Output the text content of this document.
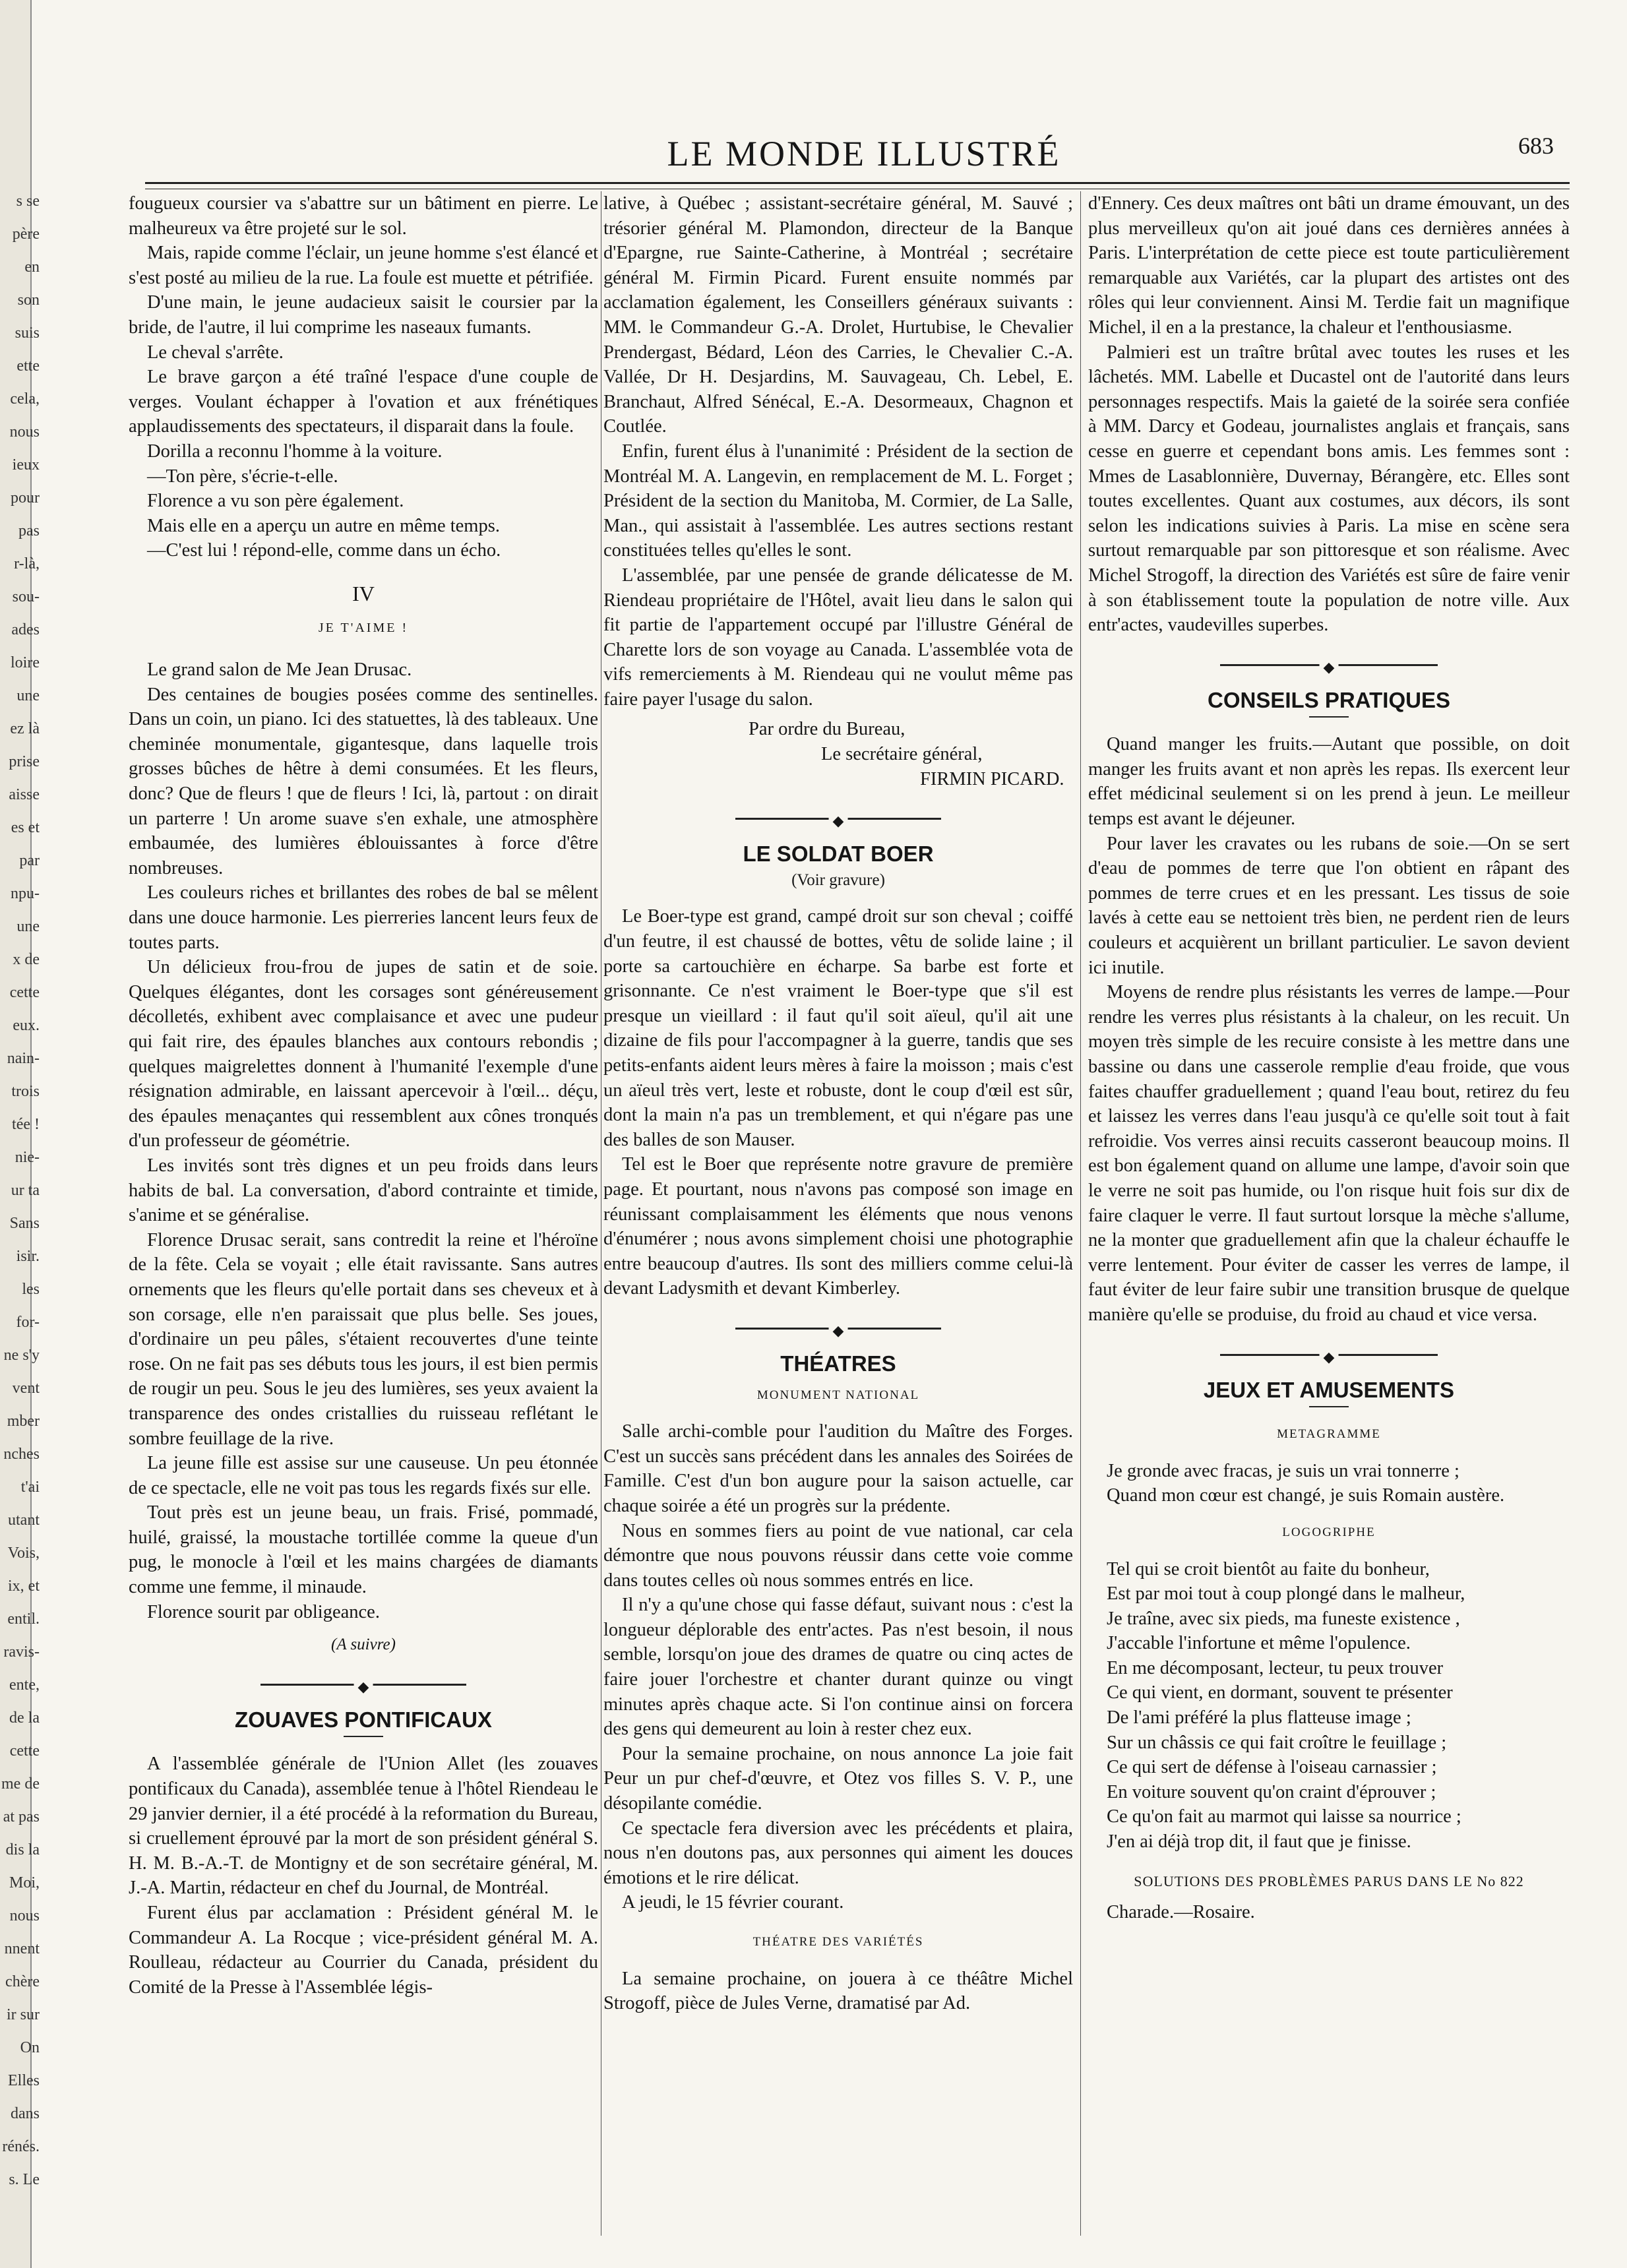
s se
père
en
son
suis
ette
cela,
nous
ieux
pour
pas
r-là,
sou-
ades
loire
une
ez là
prise
aisse
es et
par
npu-
une
x de
cette
eux.
nain-
trois
tée !
nie-
ur ta
Sans
isir.
les
for-
ne s'y
vent
mber
nches
t'ai
utant
Vois,
ix, et
entil.
ravis-
ente,
de la
cette
me de
at pas
dis la
Moi,
nous
nnent
chère
ir sur
On
Elles
dans
rénés.
s. Le
LE MONDE ILLUSTRÉ	683

fougueux coursier va s'abattre sur un bâtiment en pierre. Le malheureux va être projeté sur le sol.

Mais, rapide comme l'éclair, un jeune homme s'est élancé et s'est posté au milieu de la rue. La foule est muette et pétrifiée.

D'une main, le jeune audacieux saisit le coursier par la bride, de l'autre, il lui comprime les naseaux fumants.

Le cheval s'arrête.

Le brave garçon a été traîné l'espace d'une couple de verges. Voulant échapper à l'ovation et aux frénétiques applaudissements des spectateurs, il disparait dans la foule.

Dorilla a reconnu l'homme à la voiture.

—Ton père, s'écrie-t-elle.

Florence a vu son père également.

Mais elle en a aperçu un autre en même temps.

—C'est lui ! répond-elle, comme dans un écho.

IV
JE T'AIME !

Le grand salon de Me Jean Drusac.

Des centaines de bougies posées comme des sentinelles. Dans un coin, un piano. Ici des statuettes, là des tableaux. Une cheminée monumentale, gigantesque, dans laquelle trois grosses bûches de hêtre à demi consumées. Et les fleurs, donc? Que de fleurs ! que de fleurs ! Ici, là, partout : on dirait un parterre ! Un arome suave s'en exhale, une atmosphère embaumée, des lumières éblouissantes à force d'être nombreuses.

Les couleurs riches et brillantes des robes de bal se mêlent dans une douce harmonie. Les pierreries lancent leurs feux de toutes parts.

Un délicieux frou-frou de jupes de satin et de soie. Quelques élégantes, dont les corsages sont généreusement décolletés, exhibent avec complaisance et avec une pudeur qui fait rire, des épaules blanches aux contours rebondis ; quelques maigrelettes donnent à l'humanité l'exemple d'une résignation admirable, en laissant apercevoir à l'œil... déçu, des épaules menaçantes qui ressemblent aux cônes tronqués d'un professeur de géométrie.

Les invités sont très dignes et un peu froids dans leurs habits de bal. La conversation, d'abord contrainte et timide, s'anime et se généralise.

Florence Drusac serait, sans contredit la reine et l'héroïne de la fête. Cela se voyait ; elle était ravissante. Sans autres ornements que les fleurs qu'elle portait dans ses cheveux et à son corsage, elle n'en paraissait que plus belle. Ses joues, d'ordinaire un peu pâles, s'étaient recouvertes d'une teinte rose. On ne fait pas ses débuts tous les jours, il est bien permis de rougir un peu. Sous le jeu des lumières, ses yeux avaient la transparence des ondes cristallies du ruisseau reflétant le sombre feuillage de la rive.

La jeune fille est assise sur une causeuse. Un peu étonnée de ce spectacle, elle ne voit pas tous les regards fixés sur elle.

Tout près est un jeune beau, un frais. Frisé, pommadé, huilé, graissé, la moustache tortillée comme la queue d'un pug, le monocle à l'œil et les mains chargées de diamants comme une femme, il minaude.

Florence sourit par obligeance.

(A suivre)
◆
ZOUAVES PONTIFICAUX

A l'assemblée générale de l'Union Allet (les zouaves pontificaux du Canada), assemblée tenue à l'hôtel Riendeau le 29 janvier dernier, il a été procédé à la reformation du Bureau, si cruellement éprouvé par la mort de son président général S. H. M. B.-A.-T. de Montigny et de son secrétaire général, M. J.-A. Martin, rédacteur en chef du Journal, de Montréal.

Furent élus par acclamation : Président général M. le Commandeur A. La Rocque ; vice-président général M. A. Roulleau, rédacteur au Courrier du Canada, président du Comité de la Presse à l'Assemblée légis-

lative, à Québec ; assistant-secrétaire général, M. Sauvé ; trésorier général M. Plamondon, directeur de la Banque d'Epargne, rue Sainte-Catherine, à Montréal ; secrétaire général M. Firmin Picard. Furent ensuite nommés par acclamation également, les Conseillers généraux suivants : MM. le Commandeur G.-A. Drolet, Hurtubise, le Chevalier Prendergast, Bédard, Léon des Carries, le Chevalier C.-A. Vallée, Dr H. Desjardins, M. Sauvageau, Ch. Lebel, E. Branchaut, Alfred Sénécal, E.-A. Desormeaux, Chagnon et Coutlée.

Enfin, furent élus à l'unanimité : Président de la section de Montréal M. A. Langevin, en remplacement de M. L. Forget ; Président de la section du Manitoba, M. Cormier, de La Salle, Man., qui assistait à l'assemblée. Les autres sections restant constituées telles qu'elles le sont.

L'assemblée, par une pensée de grande délicatesse de M. Riendeau propriétaire de l'Hôtel, avait lieu dans le salon qui fit partie de l'appartement occupé par l'illustre Général de Charette lors de son voyage au Canada. L'assemblée vota de vifs remerciements à M. Riendeau qui ne voulut même pas faire payer l'usage du salon.

Par ordre du Bureau,
Le secrétaire général,
FIRMIN PICARD.
◆
LE SOLDAT BOER
(Voir gravure)

Le Boer-type est grand, campé droit sur son cheval ; coiffé d'un feutre, il est chaussé de bottes, vêtu de solide laine ; il porte sa cartouchière en écharpe. Sa barbe est forte et grisonnante. Ce n'est vraiment le Boer-type que s'il est presque un vieillard : il faut qu'il soit aïeul, qu'il ait une dizaine de fils pour l'accompagner à la guerre, tandis que ses petits-enfants aident leurs mères à faire la moisson ; mais c'est un aïeul très vert, leste et robuste, dont le coup d'œil est sûr, dont la main n'a pas un tremblement, et qui n'égare pas une des balles de son Mauser.

Tel est le Boer que représente notre gravure de première page. Et pourtant, nous n'avons pas composé son image en réunissant complaisamment les éléments que nous venons d'énumérer ; nous avons simplement choisi une photographie entre beaucoup d'autres. Ils sont des milliers comme celui-là devant Ladysmith et devant Kimberley.

◆
THÉATRES
MONUMENT NATIONAL

Salle archi-comble pour l'audition du Maître des Forges. C'est un succès sans précédent dans les annales des Soirées de Famille. C'est d'un bon augure pour la saison actuelle, car chaque soirée a été un progrès sur la prédente.

Nous en sommes fiers au point de vue national, car cela démontre que nous pouvons réussir dans cette voie comme dans toutes celles où nous sommes entrés en lice.

Il n'y a qu'une chose qui fasse défaut, suivant nous : c'est la longueur déplorable des entr'actes. Pas n'est besoin, il nous semble, lorsqu'on joue des drames de quatre ou cinq actes de faire jouer l'orchestre et chanter durant quinze ou vingt minutes après chaque acte. Si l'on continue ainsi on forcera des gens qui demeurent au loin à rester chez eux.

Pour la semaine prochaine, on nous annonce La joie fait Peur un pur chef-d'œuvre, et Otez vos filles S. V. P., une désopilante comédie.

Ce spectacle fera diversion avec les précédents et plaira, nous n'en doutons pas, aux personnes qui aiment les douces émotions et le rire délicat.

A jeudi, le 15 février courant.

THÉATRE DES VARIÉTÉS

La semaine prochaine, on jouera à ce théâtre Michel Strogoff, pièce de Jules Verne, dramatisé par Ad.

d'Ennery. Ces deux maîtres ont bâti un drame émouvant, un des plus merveilleux qu'on ait joué dans ces dernières années à Paris. L'interprétation de cette piece est toute particulièrement remarquable aux Variétés, car la plupart des artistes ont des rôles qui leur conviennent. Ainsi M. Terdie fait un magnifique Michel, il en a la prestance, la chaleur et l'enthousiasme.

Palmieri est un traître brûtal avec toutes les ruses et les lâchetés. MM. Labelle et Ducastel ont de l'autorité dans leurs personnages respectifs. Mais la gaieté de la soirée sera confiée à MM. Darcy et Godeau, journalistes anglais et français, sans cesse en guerre et cependant bons amis. Les femmes sont : Mmes de Lasablonnière, Duvernay, Bérangère, etc. Elles sont toutes excellentes. Quant aux costumes, aux décors, ils sont selon les indications suivies à Paris. La mise en scène sera surtout remarquable par son pittoresque et son réalisme. Avec Michel Strogoff, la direction des Variétés est sûre de faire venir à son établissement toute la population de notre ville. Aux entr'actes, vaudevilles superbes.

◆
CONSEILS PRATIQUES

Quand manger les fruits.—Autant que possible, on doit manger les fruits avant et non après les repas. Ils exercent leur effet médicinal seulement si on les prend à jeun. Le meilleur temps est avant le déjeuner.

Pour laver les cravates ou les rubans de soie.—On se sert d'eau de pommes de terre que l'on obtient en râpant des pommes de terre crues et en les pressant. Les tissus de soie lavés à cette eau se nettoient très bien, ne perdent rien de leurs couleurs et acquièrent un brillant particulier. Le savon devient ici inutile.

Moyens de rendre plus résistants les verres de lampe.—Pour rendre les verres plus résistants à la chaleur, on les recuit. Un moyen très simple de les recuire consiste à les mettre dans une bassine ou dans une casserole remplie d'eau froide, que vous faites chauffer graduellement ; quand l'eau bout, retirez du feu et laissez les verres dans l'eau jusqu'à ce qu'elle soit tout à fait refroidie. Vos verres ainsi recuits casseront beaucoup moins. Il est bon également quand on allume une lampe, d'avoir soin que le verre ne soit pas humide, ou l'on risque huit fois sur dix de faire claquer le verre. Il faut surtout lorsque la mèche s'allume, ne la monter que graduellement afin que la chaleur échauffe le verre lentement. Pour éviter de casser les verres de lampe, il faut éviter de leur faire subir une transition brusque de quelque manière qu'elle se produise, du froid au chaud et vice versa.

◆
JEUX ET AMUSEMENTS
METAGRAMME

Je gronde avec fracas, je suis un vrai tonnerre ;

Quand mon cœur est changé, je suis Romain austère.

LOGOGRIPHE

Tel qui se croit bientôt au faite du bonheur,

Est par moi tout à coup plongé dans le malheur,

Je traîne, avec six pieds, ma funeste existence ,

J'accable l'infortune et même l'opulence.

En me décomposant, lecteur, tu peux trouver

Ce qui vient, en dormant, souvent te présenter

De l'ami préféré la plus flatteuse image ;

Sur un châssis ce qui fait croître le feuillage ;

Ce qui sert de défense à l'oiseau carnassier ;

En voiture souvent qu'on craint d'éprouver ;

Ce qu'on fait au marmot qui laisse sa nourrice ;

J'en ai déjà trop dit, il faut que je finisse.

SOLUTIONS DES PROBLÈMES PARUS DANS LE No 822

Charade.—Rosaire.
